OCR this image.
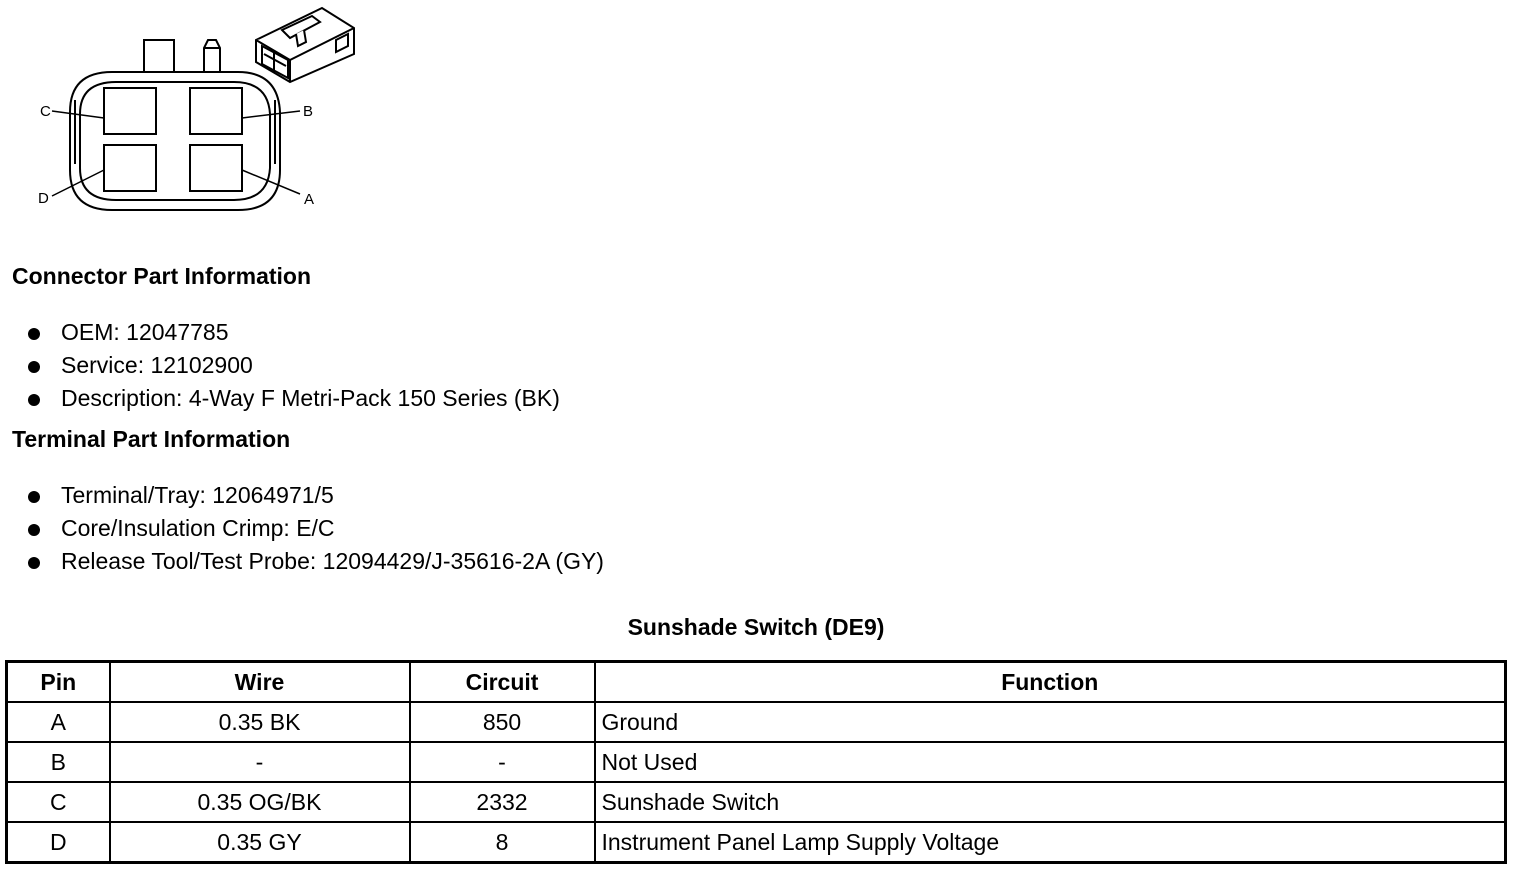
C	B
D	A
Connector Part Information
OEM: 12047785
Service: 12102900
Description: 4-Way F Metri-Pack 150 Series (BK)
Terminal Part Information
Terminal/Tray: 12064971/5
Core/Insulation Crimp: E/C
Release Tool/Test Probe: 12094429/J-35616-2A (GY)
Sunshade Switch (DE9)
Pin	Wire	Circuit	Function
A	0.35 BK	850	Ground
B	-	-	Not Used
C	0.35 OG/BK	2332	Sunshade Switch
D	0.35 GY	8	Instrument Panel Lamp Supply Voltage
